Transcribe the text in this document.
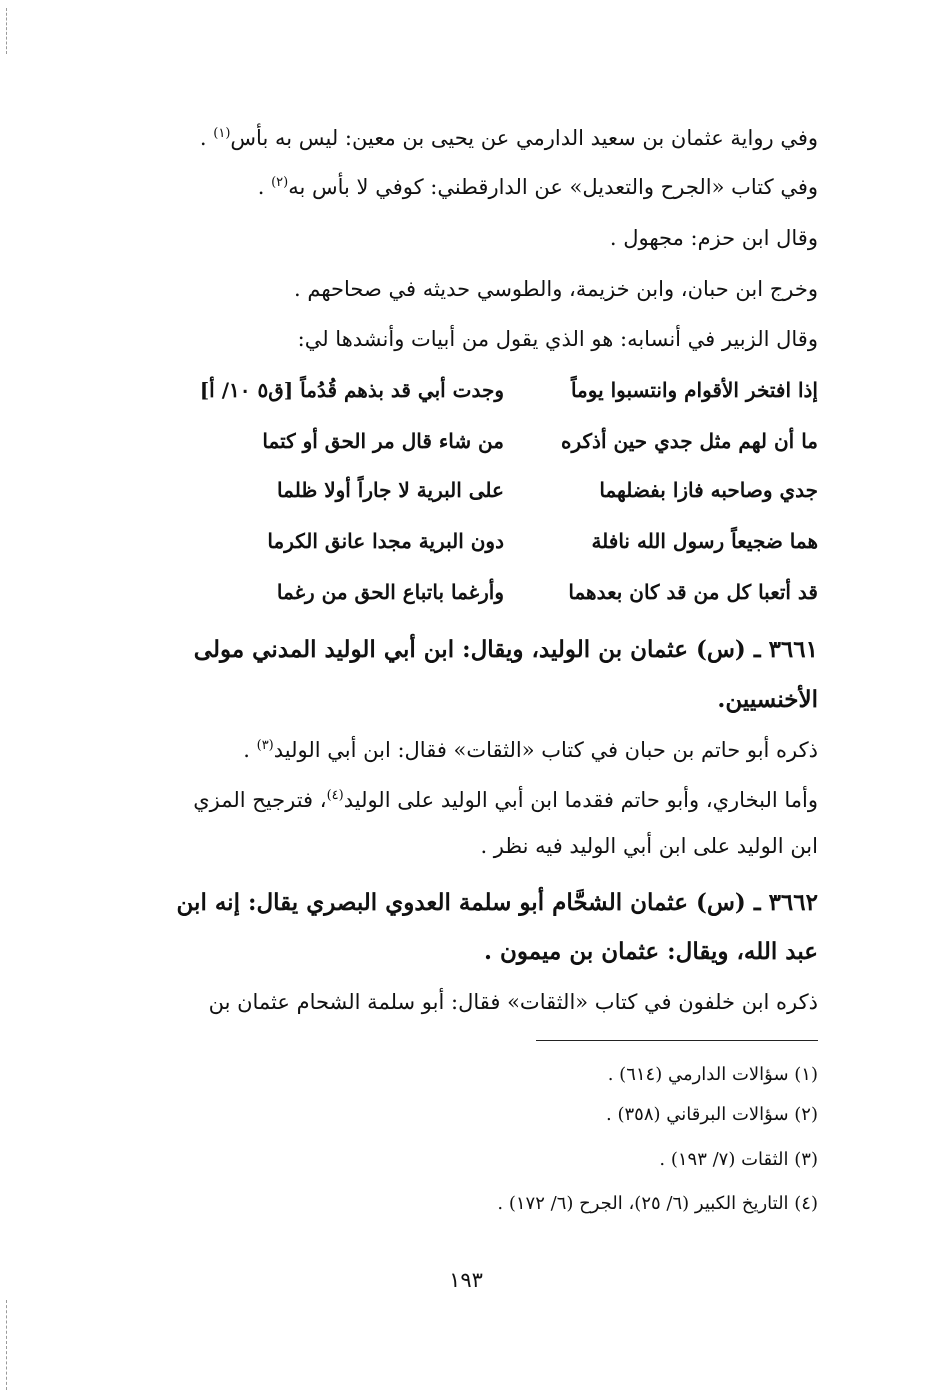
وفي رواية عثمان بن سعيد الدارمي عن يحيى بن معين: ليس به بأس$^{(١)}$ .
وفي كتاب «الجرح والتعديل» عن الدارقطني: كوفي لا بأس به$^{(٢)}$ .
وقال ابن حزم: مجهول .
وخرج ابن حبان، وابن خزيمة، والطوسي حديثه في صحاحهم .
وقال الزبير في أنسابه: هو الذي يقول من أبيات وأنشدها لي:
إذا افتخر الأقوام وانتسبوا يوماً
وجدت أبي قد بذهم قُدُماً [ق٥ ١٠/ أ]
ما أن لهم مثل جدي حين أذكره
من شاء قال مر الحق أو كتما
جدي وصاحبه فازا بفضلهما
على البرية لا جاراً أولا ظلما
هما ضجيعاً رسول الله نافلة
دون البرية مجدا عانق الكرما
قد أتعبا كل من قد كان بعدهما
وأرغما باتباع الحق من رغما
٣٦٦١ ـ (س) عثمان بن الوليد، ويقال: ابن أبي الوليد المدني مولى
الأخنسيين.
ذكره أبو حاتم بن حبان في كتاب «الثقات» فقال: ابن أبي الوليد$^{(٣)}$ .
وأما البخاري، وأبو حاتم فقدما ابن أبي الوليد على الوليد$^{(٤)}$، فترجيح المزي
ابن الوليد على ابن أبي الوليد فيه نظر .
٣٦٦٢ ـ (س) عثمان الشحَّام أبو سلمة العدوي البصري يقال: إنه ابن
عبد الله، ويقال: عثمان بن ميمون .
ذكره ابن خلفون في كتاب «الثقات» فقال: أبو سلمة الشحام عثمان بن
(١) سؤالات الدارمي (٦١٤) .
(٢) سؤالات البرقاني (٣٥٨) .
(٣) الثقات (٧/ ١٩٣) .
(٤) التاريخ الكبير (٦/ ٢٥)، الجرح (٦/ ١٧٢) .
١٩٣
